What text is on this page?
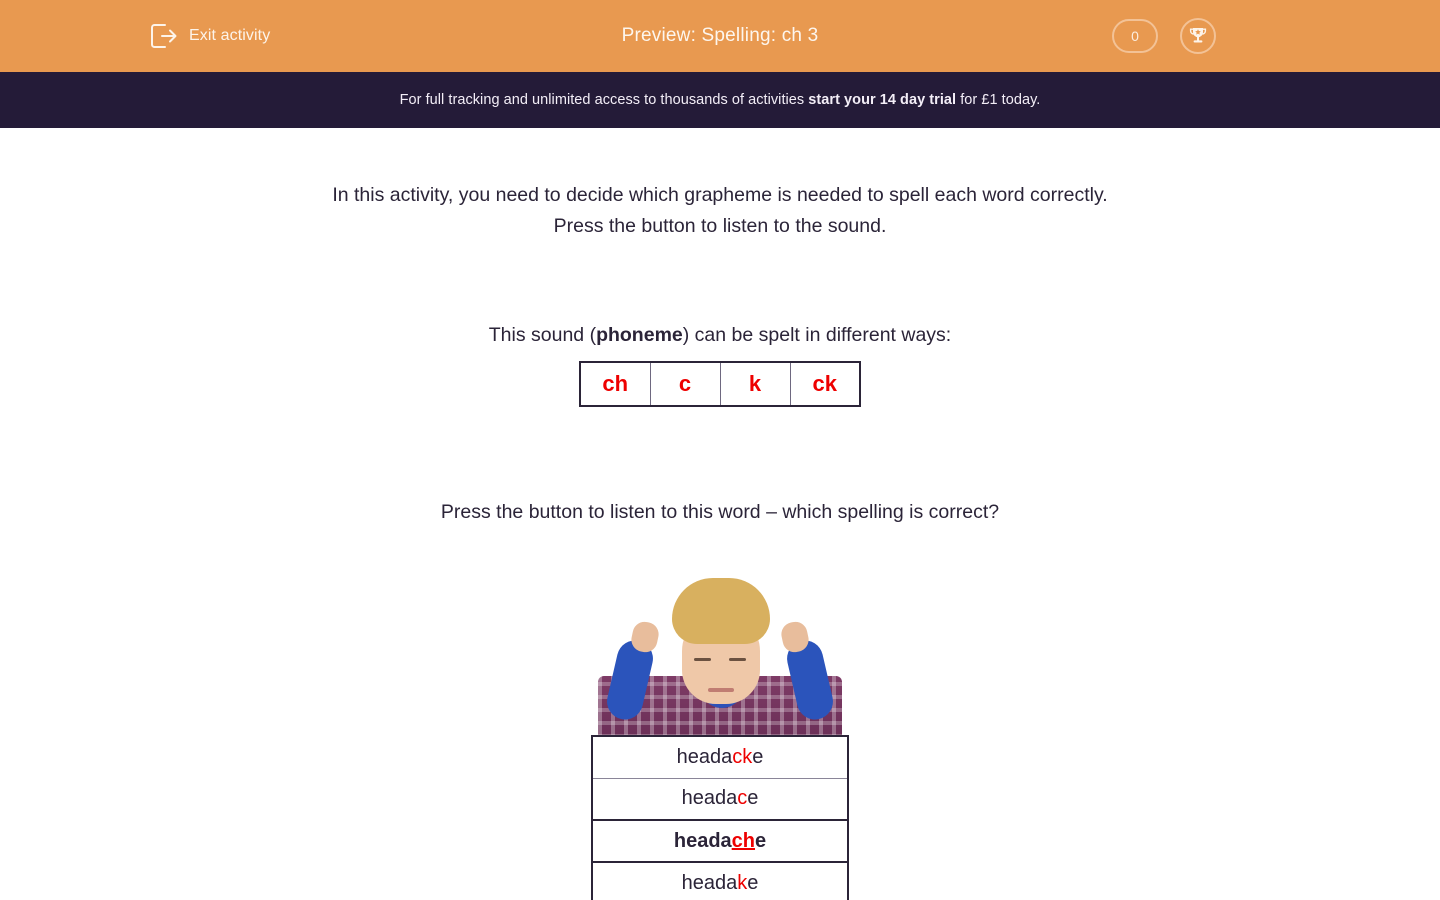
Exit activity	Preview: Spelling: ch 3	0
For full tracking and unlimited access to thousands of activities start your 14 day trial for £1 today.
In this activity, you need to decide which grapheme is needed to spell each word correctly.
Press the button to listen to the sound.
This sound (phoneme) can be spelt in different ways:
ch	c	k	ck
Press the button to listen to this word – which spelling is correct?
headacke
headace
headache
headake
